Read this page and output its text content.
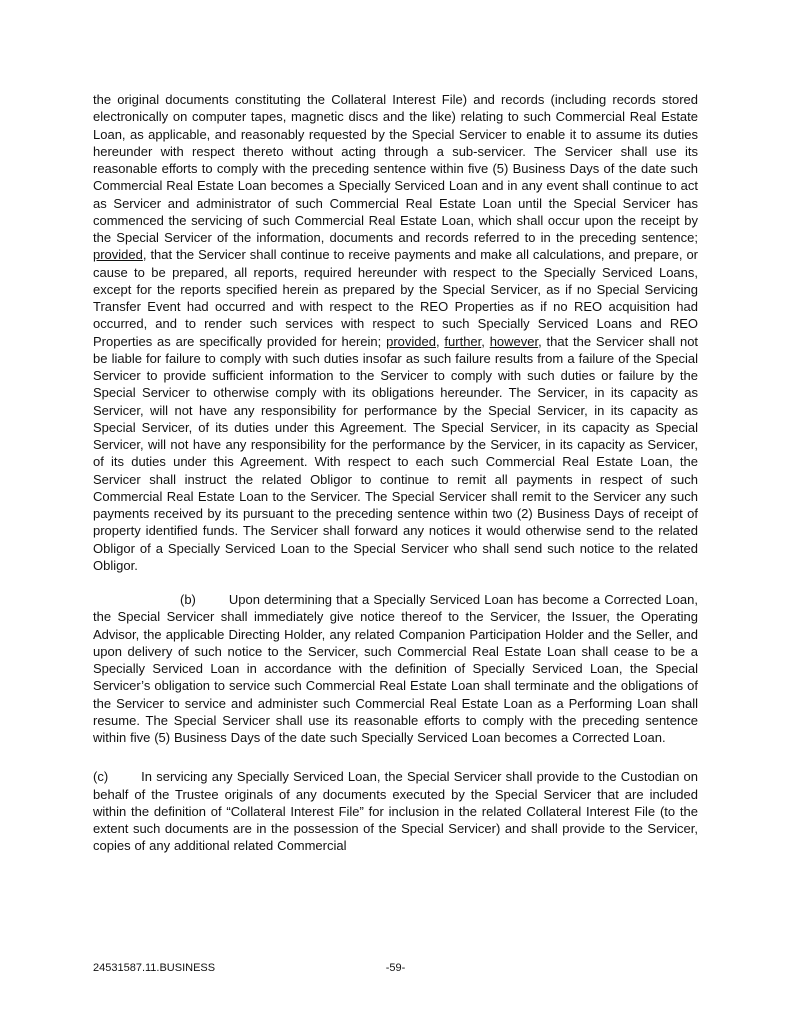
the original documents constituting the Collateral Interest File) and records (including records stored electronically on computer tapes, magnetic discs and the like) relating to such Commercial Real Estate Loan, as applicable, and reasonably requested by the Special Servicer to enable it to assume its duties hereunder with respect thereto without acting through a sub-servicer. The Servicer shall use its reasonable efforts to comply with the preceding sentence within five (5) Business Days of the date such Commercial Real Estate Loan becomes a Specially Serviced Loan and in any event shall continue to act as Servicer and administrator of such Commercial Real Estate Loan until the Special Servicer has commenced the servicing of such Commercial Real Estate Loan, which shall occur upon the receipt by the Special Servicer of the information, documents and records referred to in the preceding sentence; provided, that the Servicer shall continue to receive payments and make all calculations, and prepare, or cause to be prepared, all reports, required hereunder with respect to the Specially Serviced Loans, except for the reports specified herein as prepared by the Special Servicer, as if no Special Servicing Transfer Event had occurred and with respect to the REO Properties as if no REO acquisition had occurred, and to render such services with respect to such Specially Serviced Loans and REO Properties as are specifically provided for herein; provided, further, however, that the Servicer shall not be liable for failure to comply with such duties insofar as such failure results from a failure of the Special Servicer to provide sufficient information to the Servicer to comply with such duties or failure by the Special Servicer to otherwise comply with its obligations hereunder. The Servicer, in its capacity as Servicer, will not have any responsibility for performance by the Special Servicer, in its capacity as Special Servicer, of its duties under this Agreement. The Special Servicer, in its capacity as Special Servicer, will not have any responsibility for the performance by the Servicer, in its capacity as Servicer, of its duties under this Agreement. With respect to each such Commercial Real Estate Loan, the Servicer shall instruct the related Obligor to continue to remit all payments in respect of such Commercial Real Estate Loan to the Servicer. The Special Servicer shall remit to the Servicer any such payments received by its pursuant to the preceding sentence within two (2) Business Days of receipt of property identified funds. The Servicer shall forward any notices it would otherwise send to the related Obligor of a Specially Serviced Loan to the Special Servicer who shall send such notice to the related Obligor.

(b)	Upon determining that a Specially Serviced Loan has become a Corrected Loan, the Special Servicer shall immediately give notice thereof to the Servicer, the Issuer, the Operating Advisor, the applicable Directing Holder, any related Companion Participation Holder and the Seller, and upon delivery of such notice to the Servicer, such Commercial Real Estate Loan shall cease to be a Specially Serviced Loan in accordance with the definition of Specially Serviced Loan, the Special Servicer’s obligation to service such Commercial Real Estate Loan shall terminate and the obligations of the Servicer to service and administer such Commercial Real Estate Loan as a Performing Loan shall resume. The Special Servicer shall use its reasonable efforts to comply with the preceding sentence within five (5) Business Days of the date such Specially Serviced Loan becomes a Corrected Loan.

(c)	In servicing any Specially Serviced Loan, the Special Servicer shall provide to the Custodian on behalf of the Trustee originals of any documents executed by the Special Servicer that are included within the definition of “Collateral Interest File” for inclusion in the related Collateral Interest File (to the extent such documents are in the possession of the Special Servicer) and shall provide to the Servicer, copies of any additional related Commercial

24531587.11.BUSINESS	-59-
